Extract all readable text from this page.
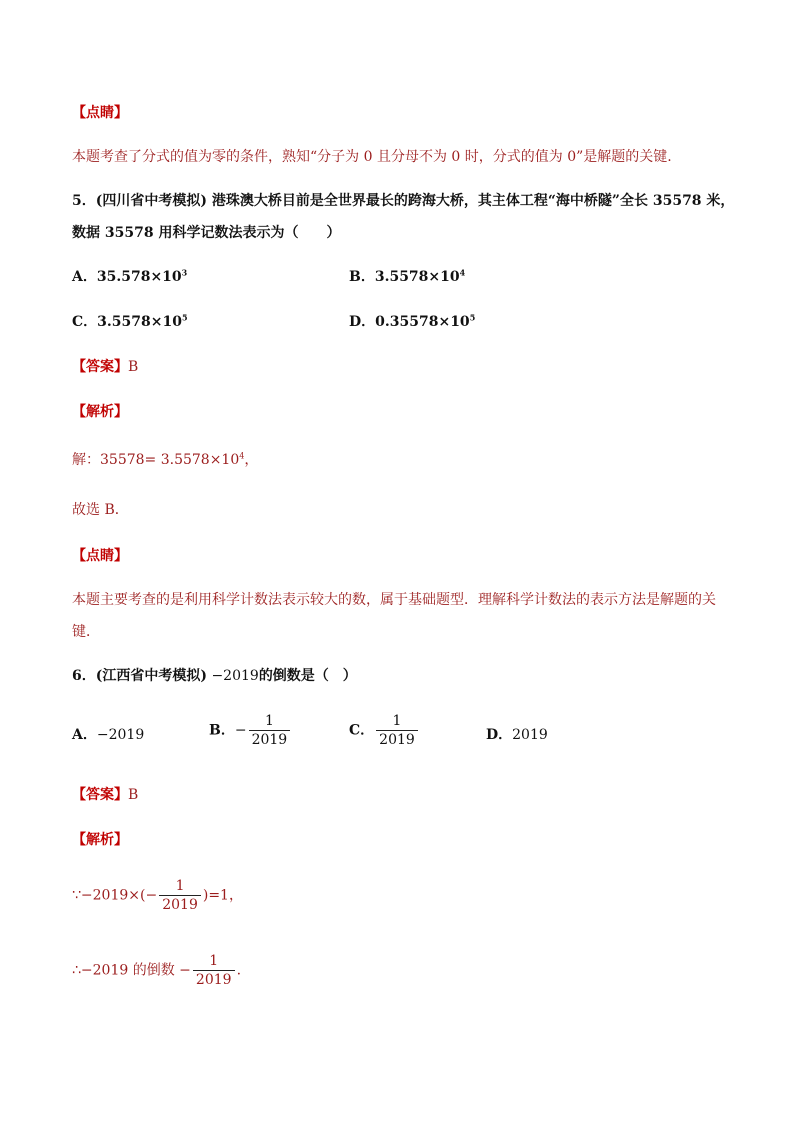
【点睛】
本题考查了分式的值为零的条件，熟知“分子为 0 且分母不为 0 时，分式的值为 0”是解题的关键.
5．(四川省中考模拟) 港珠澳大桥目前是全世界最长的跨海大桥，其主体工程“海中桥隧”全长 35578 米，
数据 35578 用科学记数法表示为（　　）
A．$35.578\times 10^3$	B．$3.5578\times 10^4$
C．$3.5578\times 10^5$	D．$0.35578\times 10^5$
【答案】B
【解析】
解：$35578= 3.5578\times 10^4$，
故选 B．
【点睛】
本题主要考查的是利用科学计数法表示较大的数，属于基础题型．理解科学计数法的表示方法是解题的关
键．
6．(江西省中考模拟) −2019的倒数是（　）
A．−2019	B．− $\frac{1}{2019}$	C． $\frac{1}{2019}$	D．2019
【答案】B
【解析】
∵−2019×(− $\frac{1}{2019} )=1$，
∴−2019 的倒数 − $\frac{1}{2019}$ .
